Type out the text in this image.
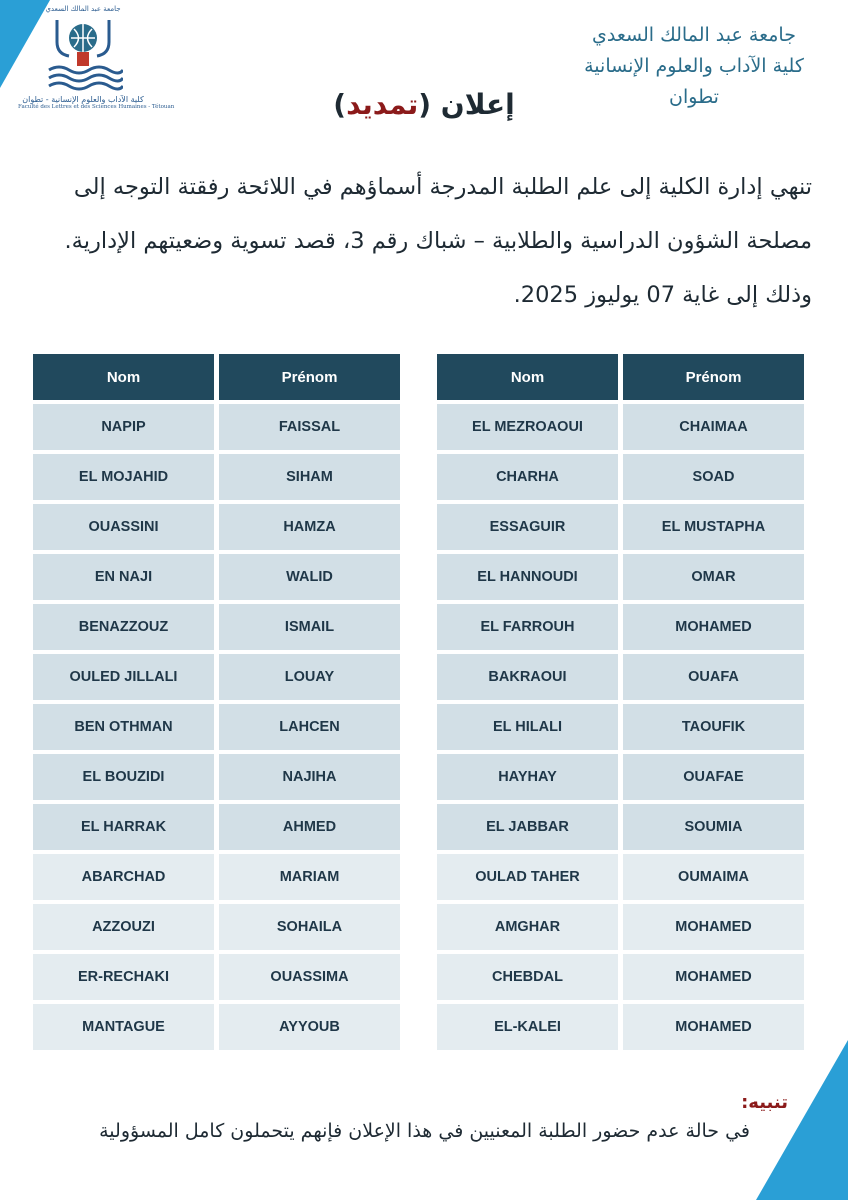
جامعة عبد المالك السعدي
كلية الآداب والعلوم الإنسانية - تطوان
Faculté des Lettres et des Sciences Humaines - Tétouan
جامعة عبد المالك السعدي
كلية الآداب والعلوم الإنسانية
تطوان
إعلان (تمديد)

تنهي إدارة الكلية إلى علم الطلبة المدرجة أسماؤهم في اللائحة رفقتة التوجه إلى

مصلحة الشؤون الدراسية والطلابية – شباك رقم 3، قصد تسوية وضعيتهم الإدارية.

وذلك إلى غاية 07 يوليوز 2025.

Nom	Prénom
NAPIP	FAISSAL
EL MOJAHID	SIHAM
OUASSINI	HAMZA
EN NAJI	WALID
BENAZZOUZ	ISMAIL
OULED JILLALI	LOUAY
BEN OTHMAN	LAHCEN
EL BOUZIDI	NAJIHA
EL HARRAK	AHMED
ABARCHAD	MARIAM
AZZOUZI	SOHAILA
ER-RECHAKI	OUASSIMA
MANTAGUE	AYYOUB
Nom	Prénom
EL MEZROAOUI	CHAIMAA
CHARHA	SOAD
ESSAGUIR	EL MUSTAPHA
EL HANNOUDI	OMAR
EL FARROUH	MOHAMED
BAKRAOUI	OUAFA
EL HILALI	TAOUFIK
HAYHAY	OUAFAE
EL JABBAR	SOUMIA
OULAD TAHER	OUMAIMA
AMGHAR	MOHAMED
CHEBDAL	MOHAMED
EL-KALEI	MOHAMED
تنبيه:
في حالة عدم حضور الطلبة المعنيين في هذا الإعلان فإنهم يتحملون كامل المسؤولية
